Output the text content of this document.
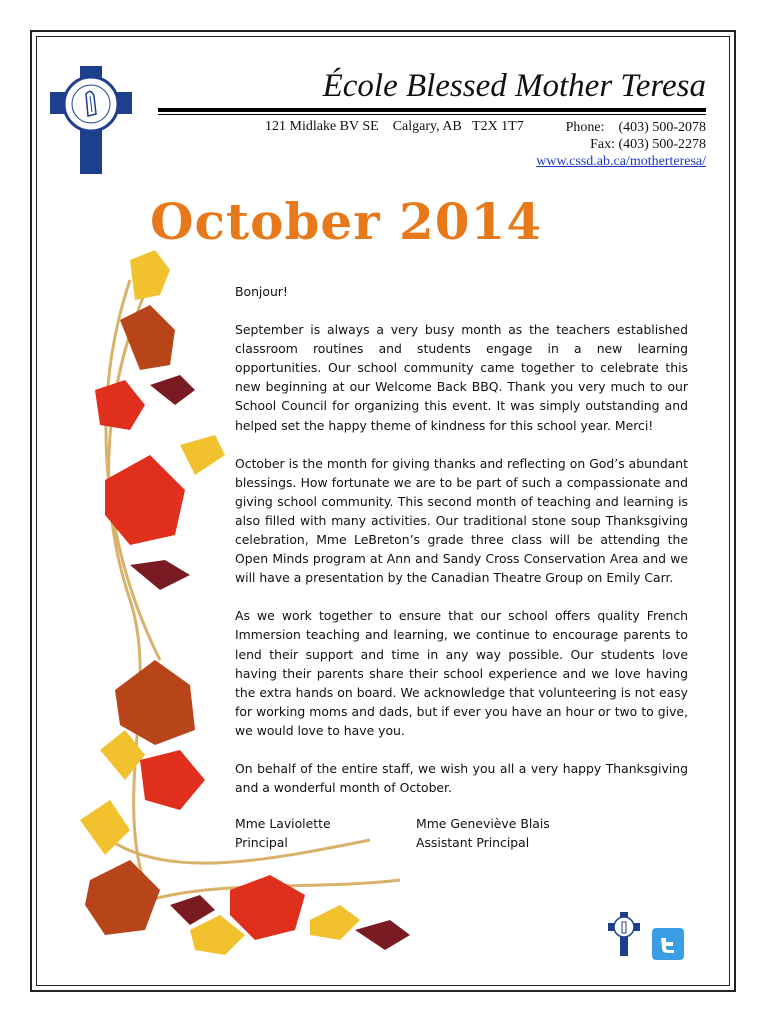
École Blessed Mother Teresa
121 Midlake BV SE    Calgary, AB   T2X 1T7	Phone:    (403) 500-2078
Fax: (403) 500-2278
www.cssd.ab.ca/motherteresa/
October 2014

Bonjour!

September is always a very busy month as the teachers established classroom routines and students engage in a new learning opportunities. Our school community came together to celebrate this new beginning at our Welcome Back BBQ. Thank you very much to our School Council for organizing this event. It was simply outstanding and helped set the happy theme of kindness for this school year. Merci!

October is the month for giving thanks and reflecting on God’s abundant blessings. How fortunate we are to be part of such a compassionate and giving school community. This second month of teaching and learning is also filled with many activities. Our traditional stone soup Thanksgiving celebration, Mme LeBreton’s grade three class will be attending the Open Minds program at Ann and Sandy Cross Conservation Area and we will have a presentation by the Canadian Theatre Group on Emily Carr.

As we work together to ensure that our school offers quality French Immersion teaching and learning, we continue to encourage parents to lend their support and time in any way possible. Our students love having their parents share their school experience and we love having the extra hands on board. We acknowledge that volunteering is not easy for working moms and dads, but if ever you have an hour or two to give, we would love to have you.

On behalf of the entire staff, we wish you all a very happy Thanksgiving and a wonderful month of October.

Mme Laviolette
Principal
Mme Geneviève Blais
Assistant Principal
